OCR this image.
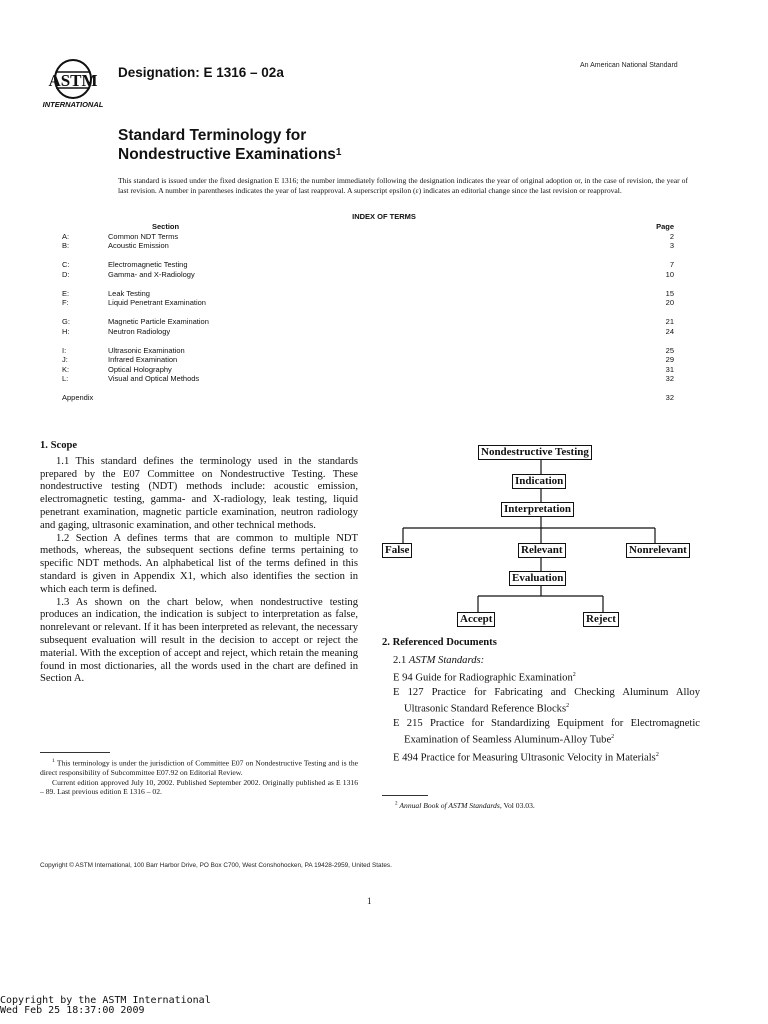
ASTM
INTERNATIONAL
Designation: E 1316 – 02a	An American National Standard
Standard Terminology for
Nondestructive Examinations$^1$
This standard is issued under the fixed designation E 1316; the number immediately following the designation indicates the year of original adoption or, in the case of revision, the year of last revision. A number in parentheses indicates the year of last reapproval. A superscript epsilon (ε) indicates an editorial change since the last revision or reapproval.
INDEX OF TERMS
	Section	Page
A:	Common NDT Terms	2
B:	Acoustic Emission	3

C:	Electromagnetic Testing	7
D:	Gamma- and X-Radiology	10

E:	Leak Testing	15
F:	Liquid Penetrant Examination	20

G:	Magnetic Particle Examination	21
H:	Neutron Radiology	24

I:	Ultrasonic Examination	25
J:	Infrared Examination	29
K:	Optical Holography	31
L:	Visual and Optical Methods	32

Appendix		32
1. Scope

1.1 This standard defines the terminology used in the standards prepared by the E07 Committee on Nondestructive Testing. These nondestructive testing (NDT) methods include: acoustic emission, electromagnetic testing, gamma- and X-radiology, leak testing, liquid penetrant examination, magnetic particle examination, neutron radiology and gaging, ultrasonic examination, and other technical methods.

1.2 Section A defines terms that are common to multiple NDT methods, whereas, the subsequent sections define terms pertaining to specific NDT methods. An alphabetical list of the terms defined in this standard is given in Appendix X1, which also identifies the section in which each term is defined.

1.3 As shown on the chart below, when nondestructive testing produces an indication, the indication is subject to interpretation as false, nonrelevant or relevant. If it has been interpreted as relevant, the necessary subsequent evaluation will result in the decision to accept or reject the material. With the exception of accept and reject, which retain the meaning found in most dictionaries, all the words used in the chart are defined in Section A.

$^1$ This terminology is under the jurisdiction of Committee E07 on Nondestructive Testing and is the direct responsibility of Subcommittee E07.92 on Editorial Review.

Current edition approved July 10, 2002. Published September 2002. Originally published as E 1316 – 89. Last previous edition E 1316 – 02.

Nondestructive Testing
Indication
Interpretation
False	Relevant	Nonrelevant
Evaluation
Accept	Reject
2. Referenced Documents
2.1 ASTM Standards:
E 94 Guide for Radiographic Examination$^2$
E 127 Practice for Fabricating and Checking Aluminum Alloy Ultrasonic Standard Reference Blocks$^2$
E 215 Practice for Standardizing Equipment for Electromagnetic Examination of Seamless Aluminum-Alloy Tube$^2$
E 494 Practice for Measuring Ultrasonic Velocity in Materials$^2$
$^2$ Annual Book of ASTM Standards, Vol 03.03.
Copyright © ASTM International, 100 Barr Harbor Drive, PO Box C700, West Conshohocken, PA 19428-2959, United States.
1
Copyright by the ASTM International
Wed Feb 25 18:37:00 2009
